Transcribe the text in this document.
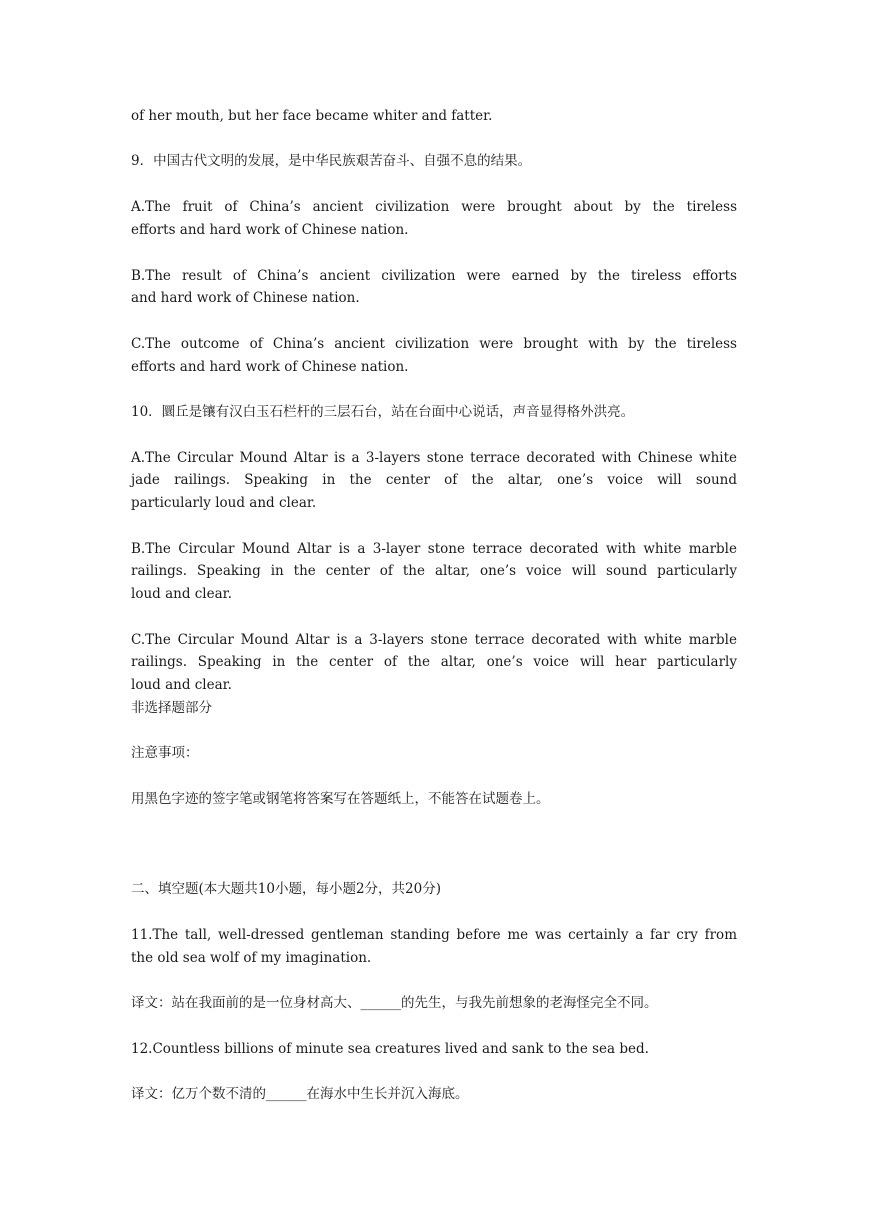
of her mouth, but her face became whiter and fatter.
9．中国古代文明的发展，是中华民族艰苦奋斗、自强不息的结果。
A.The fruit of China’s ancient civilization were brought about by the tireless
efforts and hard work of Chinese nation.
B.The result of China’s ancient civilization were earned by the tireless efforts
and hard work of Chinese nation.
C.The outcome of China’s ancient civilization were brought with by the tireless
efforts and hard work of Chinese nation.
10．圜丘是镶有汉白玉石栏杆的三层石台，站在台面中心说话，声音显得格外洪亮。
A.The Circular Mound Altar is a 3-layers stone terrace decorated with Chinese white
jade railings. Speaking in the center of the altar, one’s voice will sound
particularly loud and clear.
B.The Circular Mound Altar is a 3-layer stone terrace decorated with white marble
railings. Speaking in the center of the altar, one’s voice will sound particularly
loud and clear.
C.The Circular Mound Altar is a 3-layers stone terrace decorated with white marble
railings. Speaking in the center of the altar, one’s voice will hear particularly
loud and clear.
非选择题部分
注意事项：
用黑色字迹的签字笔或钢笔将答案写在答题纸上，不能答在试题卷上。
二、填空题(本大题共10小题，每小题2分，共20分)
11.The tall, well-dressed gentleman standing before me was certainly a far cry from
the old sea wolf of my imagination.
译文：站在我面前的是一位身材高大、______的先生，与我先前想象的老海怪完全不同。
12.Countless billions of minute sea creatures lived and sank to the sea bed.
译文：亿万个数不清的______在海水中生长并沉入海底。
